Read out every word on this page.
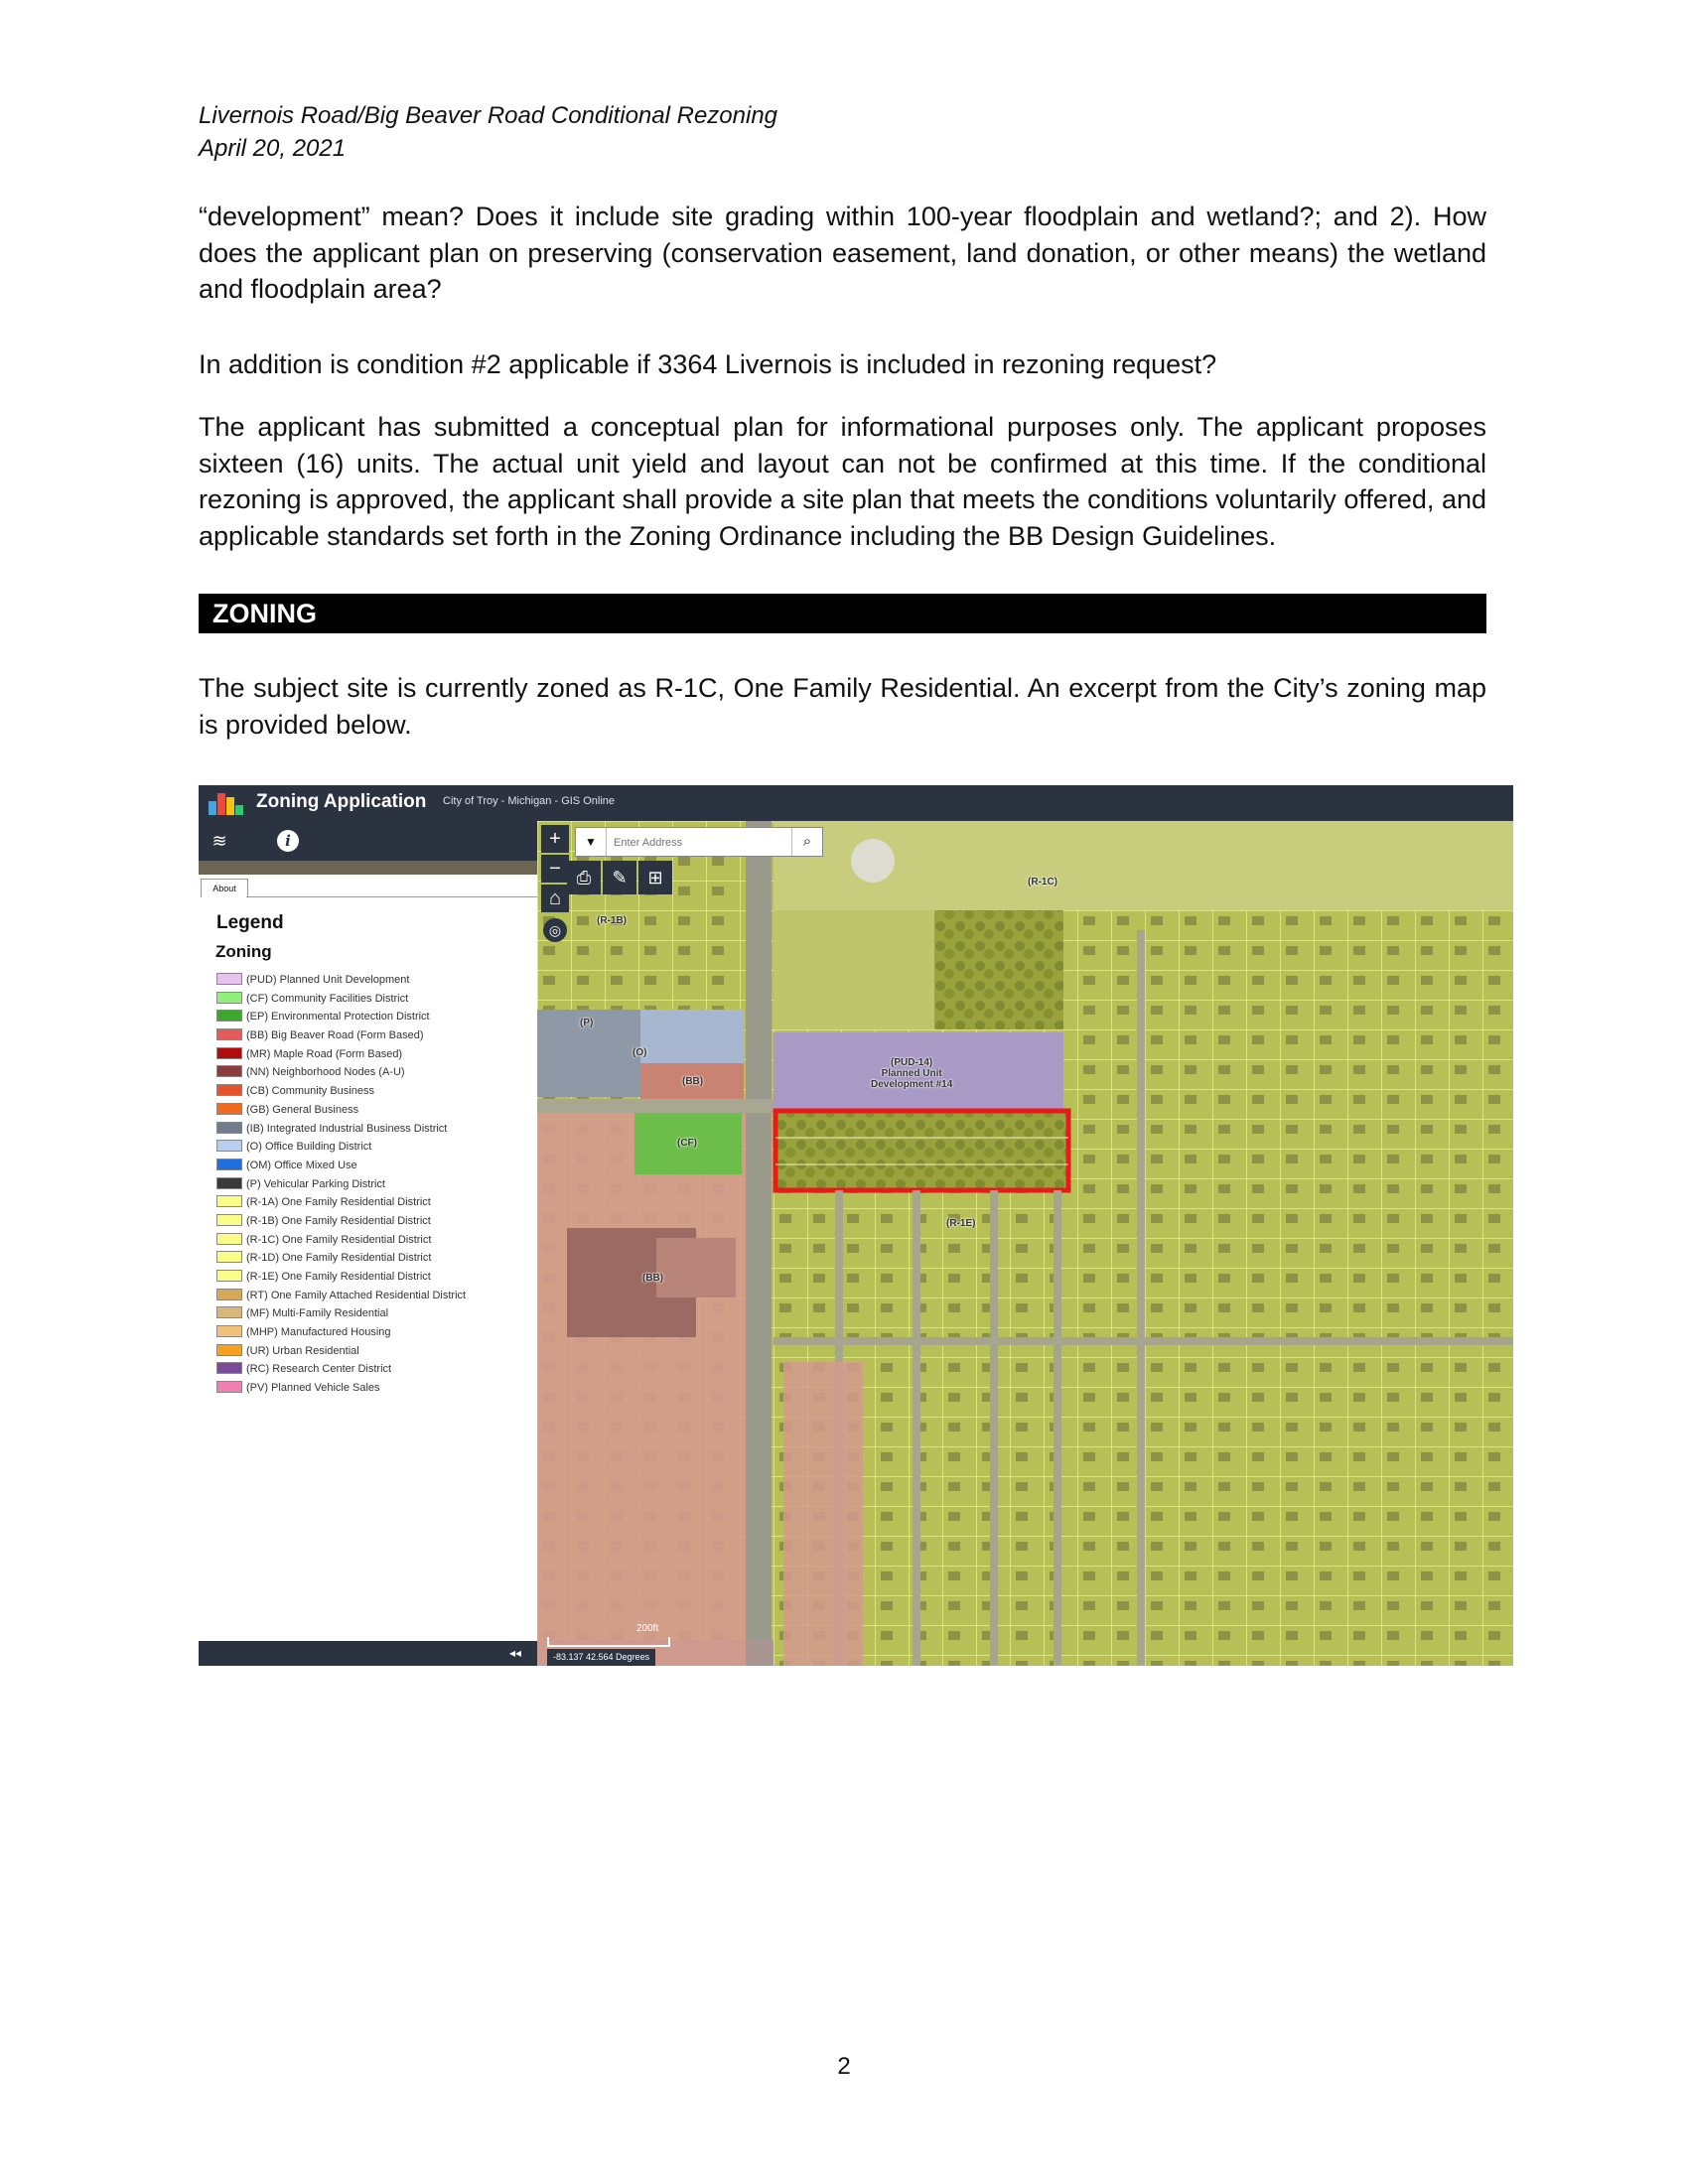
Livernois Road/Big Beaver Road Conditional Rezoning
April 20, 2021

“development” mean? Does it include site grading within 100-year floodplain and wetland?; and 2). How does the applicant plan on preserving (conservation easement, land donation, or other means) the wetland and floodplain area?

In addition is condition #2 applicable if 3364 Livernois is included in rezoning request?

The applicant has submitted a conceptual plan for informational purposes only. The applicant proposes sixteen (16) units. The actual unit yield and layout can not be confirmed at this time. If the conditional rezoning is approved, the applicant shall provide a site plan that meets the conditions voluntarily offered, and applicable standards set forth in the Zoning Ordinance including the BB Design Guidelines.

ZONING

The subject site is currently zoned as R-1C, One Family Residential. An excerpt from the City’s zoning map is provided below.

Zoning Application City of Troy - Michigan - GIS Online
≋	i
About
Legend
Zoning
(PUD) Planned Unit Development
(CF) Community Facilities District
(EP) Environmental Protection District
(BB) Big Beaver Road (Form Based)
(MR) Maple Road (Form Based)
(NN) Neighborhood Nodes (A-U)
(CB) Community Business
(GB) General Business
(IB) Integrated Industrial Business District
(O) Office Building District
(OM) Office Mixed Use
(P) Vehicular Parking District
(R-1A) One Family Residential District
(R-1B) One Family Residential District
(R-1C) One Family Residential District
(R-1D) One Family Residential District
(R-1E) One Family Residential District
(RT) One Family Attached Residential District
(MF) Multi-Family Residential
(MHP) Manufactured Housing
(UR) Urban Residential
(RC) Research Center District
(PV) Planned Vehicle Sales
◂◂
(R-1C)
(R-1B)
(P)
(O)
(BB)
(PUD-14)
Planned Unit
Development #14
(CF)
(R-1E)
(BB)
+
−
⌂
◎
▼
Enter Address	⌕
⎙	✎	⊞
200ft
-83.137 42.564 Degrees
2
